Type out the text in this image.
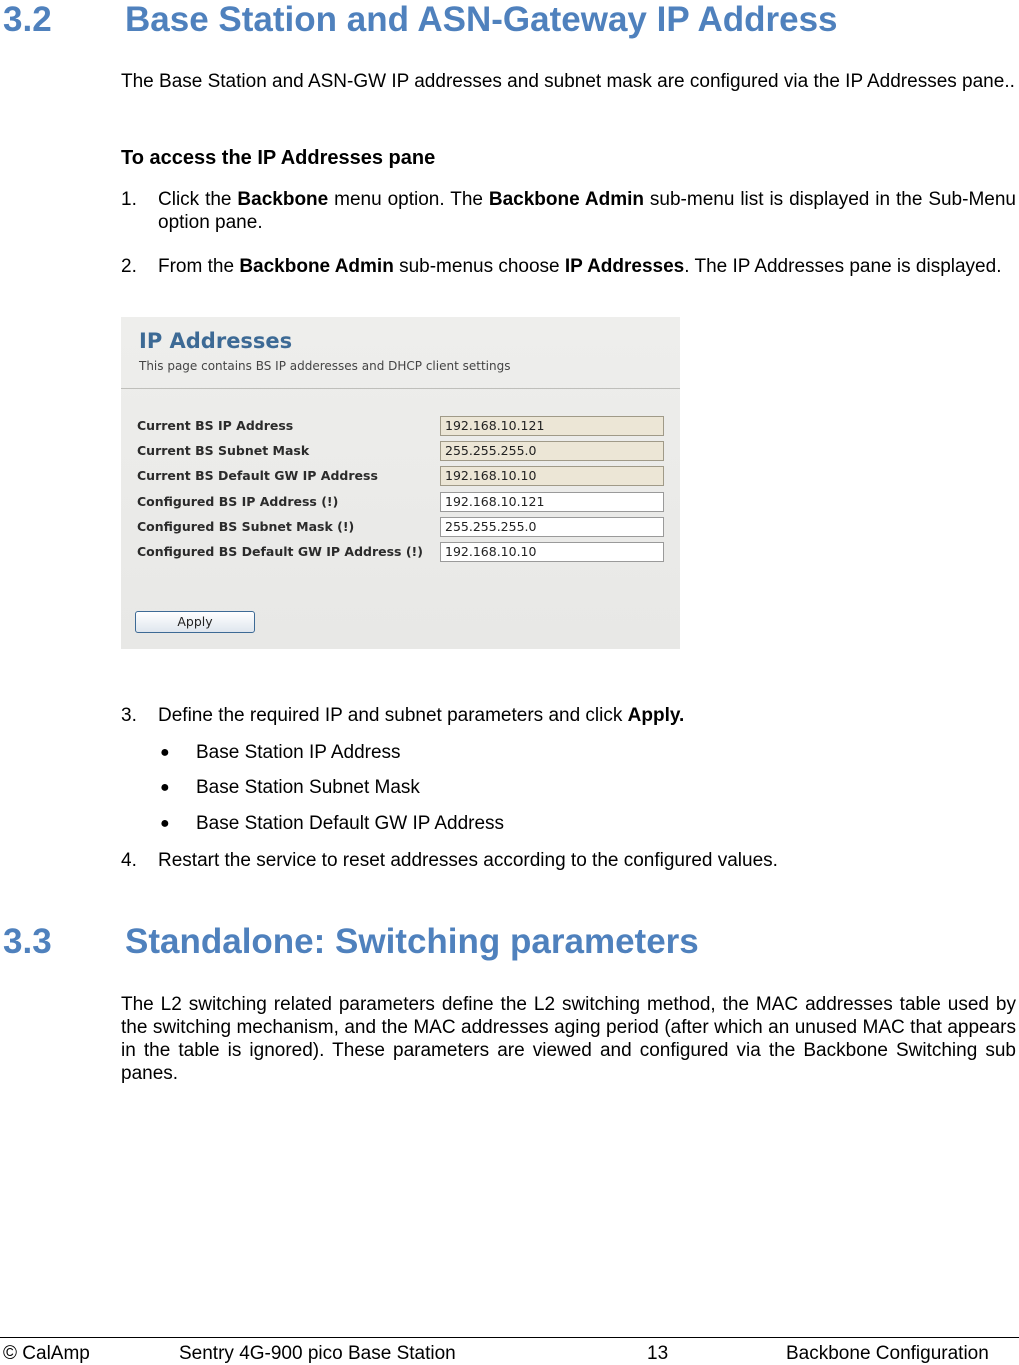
3.2 Base Station and ASN-Gateway IP Address

The Base Station and ASN-GW IP addresses and subnet mask are configured via the IP Addresses pane..

To access the IP Addresses pane

1. Click the Backbone menu option. The Backbone Admin sub-menu list is displayed in the Sub-Menu option pane.
2. From the Backbone Admin sub-menus choose IP Addresses. The IP Addresses pane is displayed.
IP Addresses
This page contains BS IP adderesses and DHCP client settings
Current BS IP Address	192.168.10.121
Current BS Subnet Mask	255.255.255.0
Current BS Default GW IP Address	192.168.10.10
Configured BS IP Address (!)	192.168.10.121
Configured BS Subnet Mask (!)	255.255.255.0
Configured BS Default GW IP Address (!)	192.168.10.10
Apply
3. Define the required IP and subnet parameters and click Apply.
● Base Station IP Address
● Base Station Subnet Mask
● Base Station Default GW IP Address
4. Restart the service to reset addresses according to the configured values.
3.3 Standalone: Switching parameters

The L2 switching related parameters define the L2 switching method, the MAC addresses table used by the switching mechanism, and the MAC addresses aging period (after which an unused MAC that appears in the table is ignored). These parameters are viewed and configured via the Backbone Switching sub panes.

© CalAmp	Sentry 4G-900 pico Base Station	13	Backbone Configuration
